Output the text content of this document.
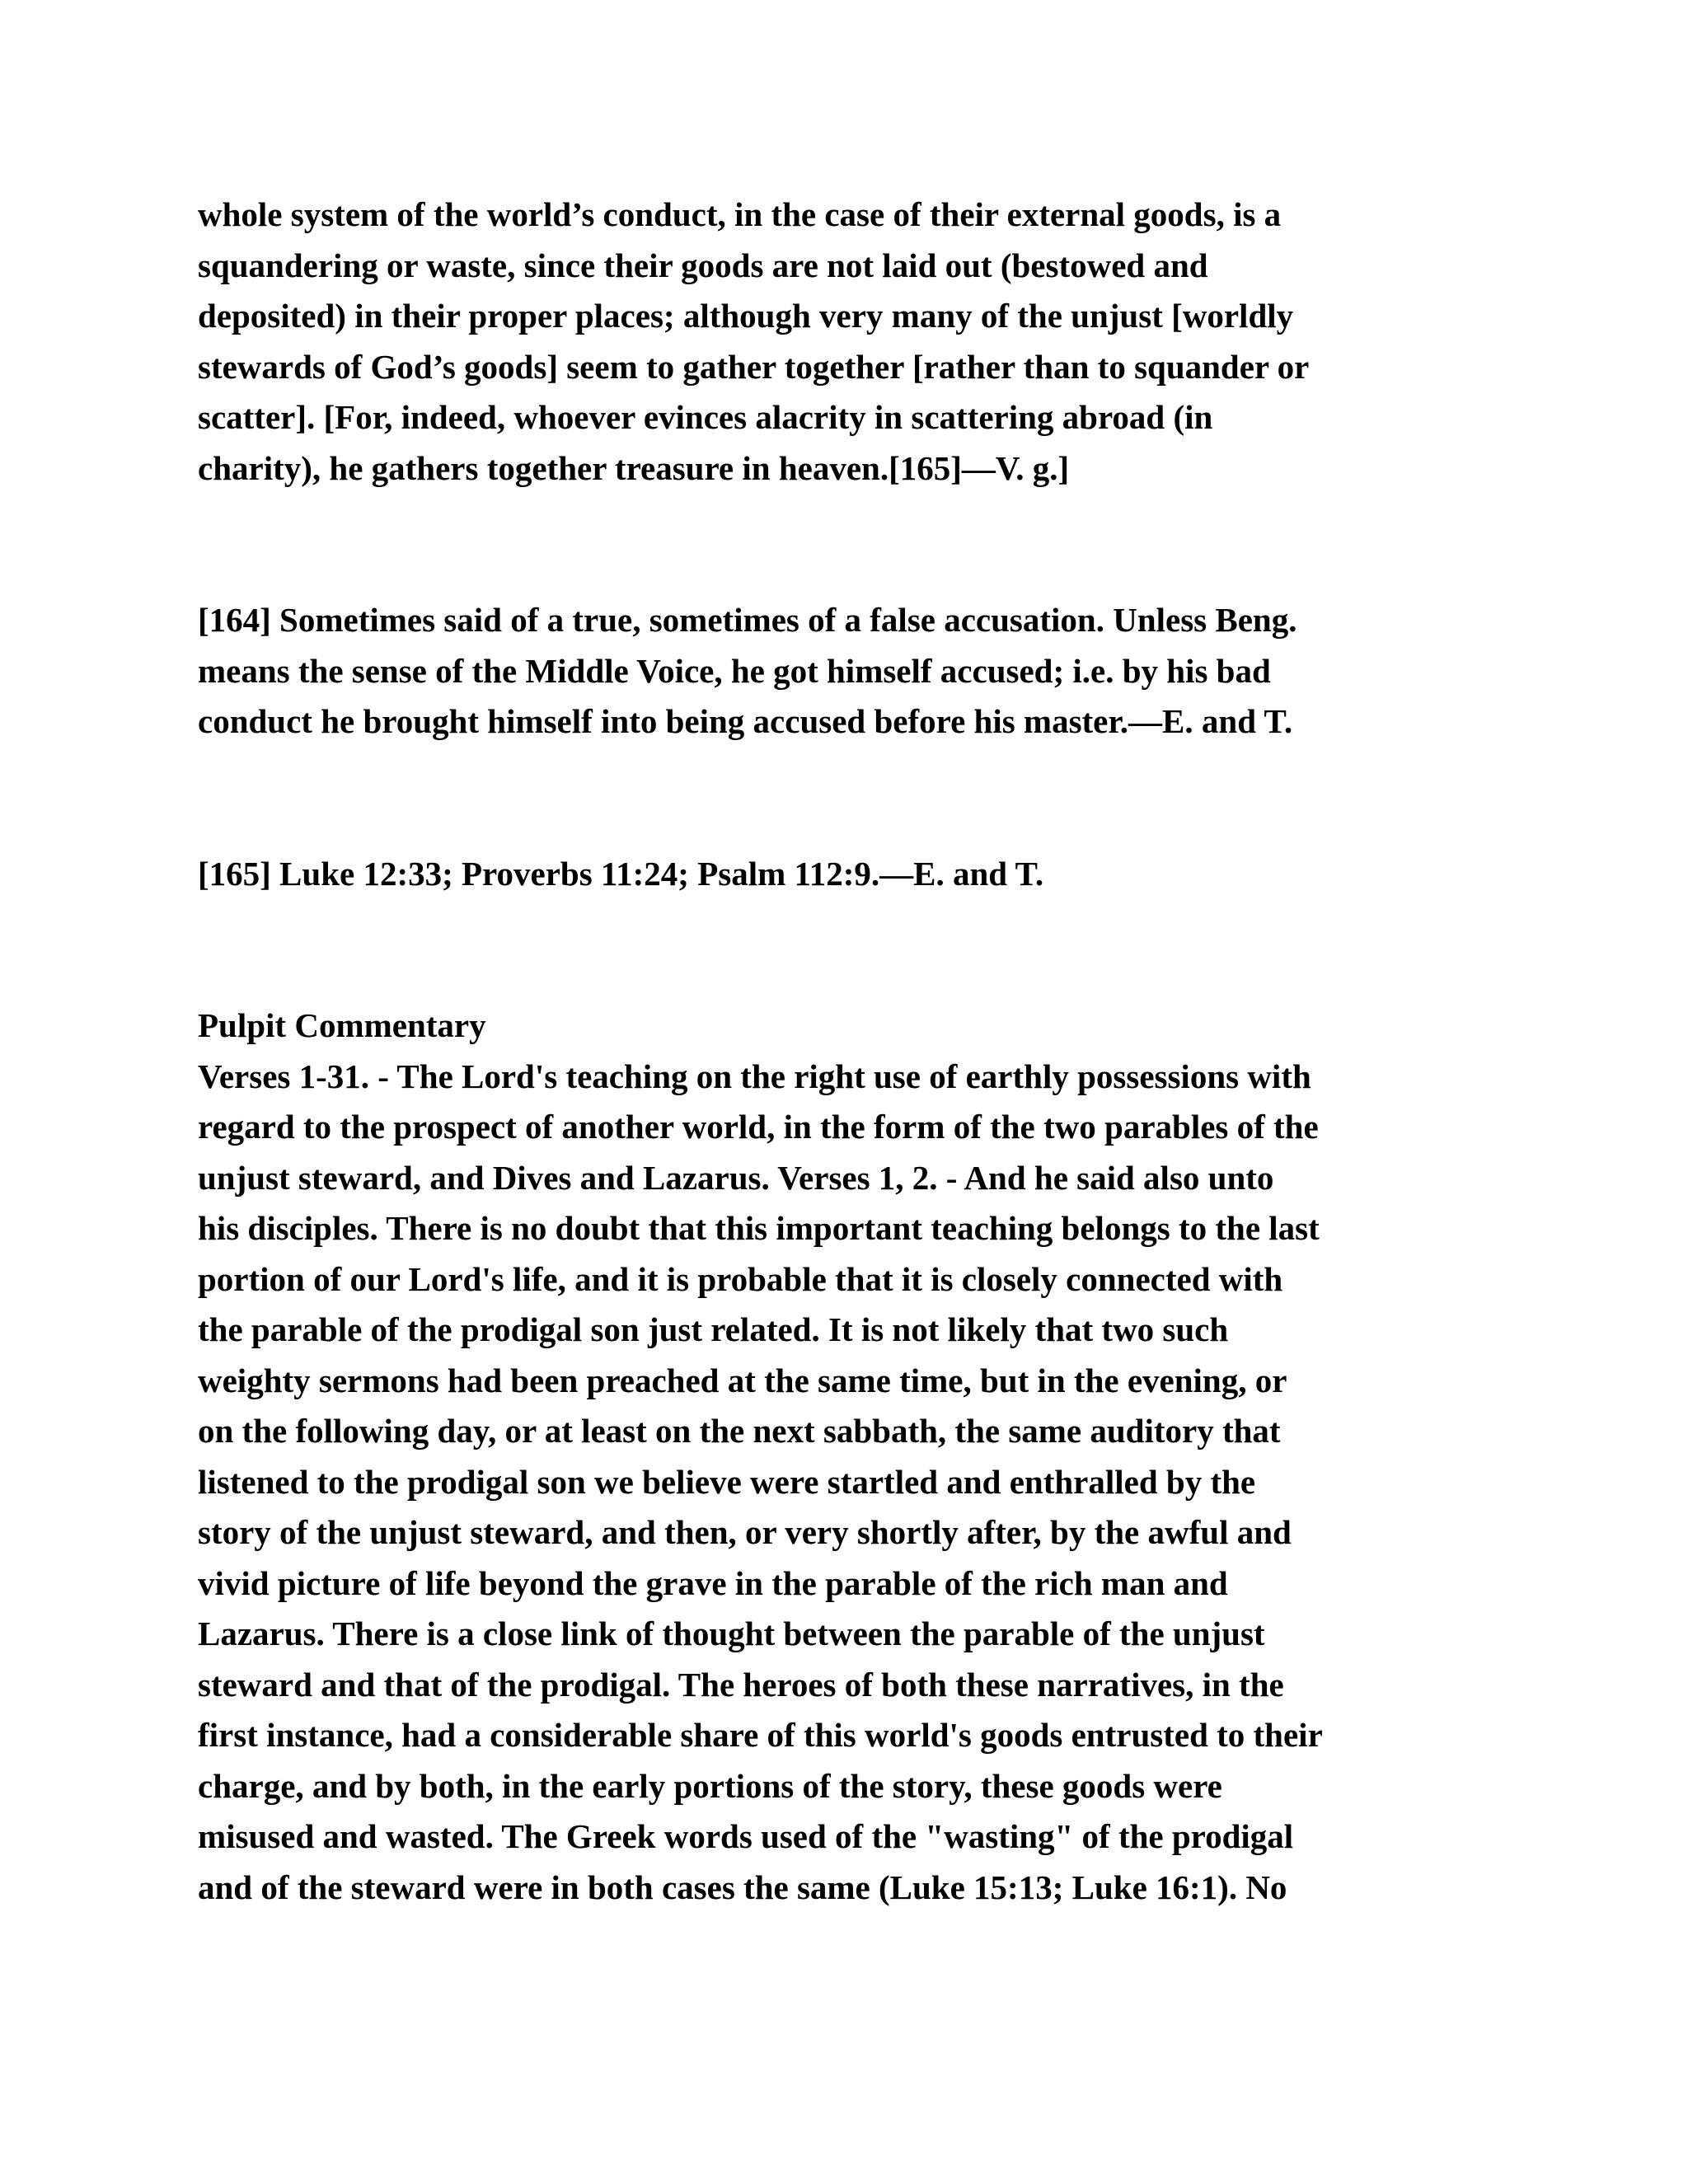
whole system of the world’s conduct, in the case of their external goods, is a
squandering or waste, since their goods are not laid out (bestowed and
deposited) in their proper places; although very many of the unjust [worldly
stewards of God’s goods] seem to gather together [rather than to squander or
scatter]. [For, indeed, whoever evinces alacrity in scattering abroad (in
charity), he gathers together treasure in heaven.[165]—V. g.]

[164] Sometimes said of a true, sometimes of a false accusation. Unless Beng.
means the sense of the Middle Voice, he got himself accused; i.e. by his bad
conduct he brought himself into being accused before his master.—E. and T.

[165] Luke 12:33; Proverbs 11:24; Psalm 112:9.—E. and T.

Pulpit Commentary

Verses 1-31. - The Lord's teaching on the right use of earthly possessions with
regard to the prospect of another world, in the form of the two parables of the
unjust steward, and Dives and Lazarus. Verses 1, 2. - And he said also unto
his disciples. There is no doubt that this important teaching belongs to the last
portion of our Lord's life, and it is probable that it is closely connected with
the parable of the prodigal son just related. It is not likely that two such
weighty sermons had been preached at the same time, but in the evening, or
on the following day, or at least on the next sabbath, the same auditory that
listened to the prodigal son we believe were startled and enthralled by the
story of the unjust steward, and then, or very shortly after, by the awful and
vivid picture of life beyond the grave in the parable of the rich man and
Lazarus. There is a close link of thought between the parable of the unjust
steward and that of the prodigal. The heroes of both these narratives, in the
first instance, had a considerable share of this world's goods entrusted to their
charge, and by both, in the early portions of the story, these goods were
misused and wasted. The Greek words used of the "wasting" of the prodigal
and of the steward were in both cases the same (Luke 15:13; Luke 16:1). No
